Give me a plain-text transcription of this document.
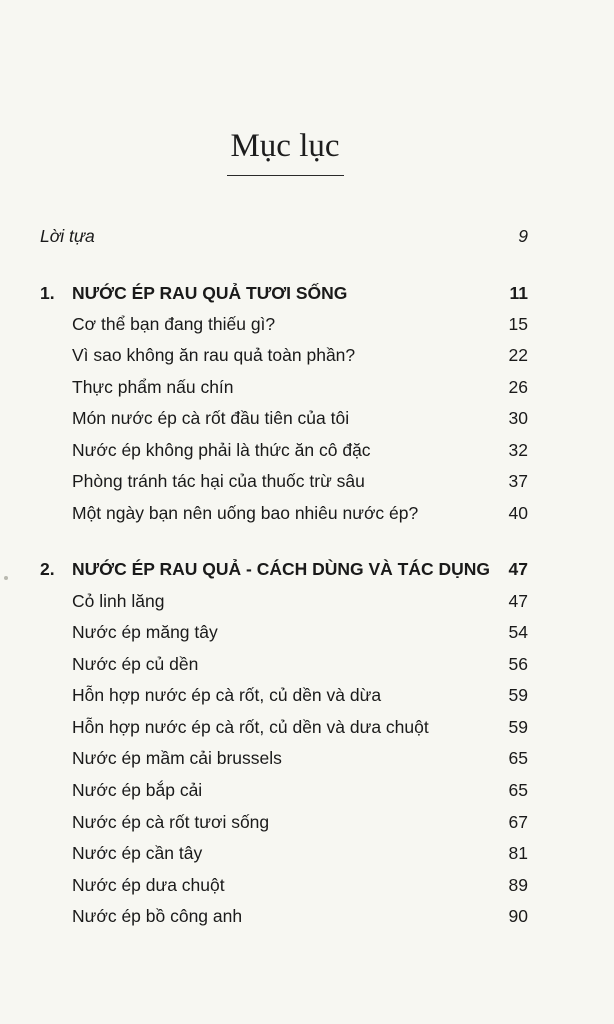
Mục lục
Lời tựa	9
1. NƯỚC ÉP RAU QUẢ TƯƠI SỐNG	11
Cơ thể bạn đang thiếu gì?	15
Vì sao không ăn rau quả toàn phần?	22
Thực phẩm nấu chín	26
Món nước ép cà rốt đầu tiên của tôi	30
Nước ép không phải là thức ăn cô đặc	32
Phòng tránh tác hại của thuốc trừ sâu	37
Một ngày bạn nên uống bao nhiêu nước ép?	40
2. NƯỚC ÉP RAU QUẢ - CÁCH DÙNG VÀ TÁC DỤNG 47
Cỏ linh lăng	47
Nước ép măng tây	54
Nước ép củ dền	56
Hỗn hợp nước ép cà rốt, củ dền và dừa	59
Hỗn hợp nước ép cà rốt, củ dền và dưa chuột	59
Nước ép mầm cải brussels	65
Nước ép bắp cải	65
Nước ép cà rốt tươi sống	67
Nước ép cần tây	81
Nước ép dưa chuột	89
Nước ép bồ công anh	90
